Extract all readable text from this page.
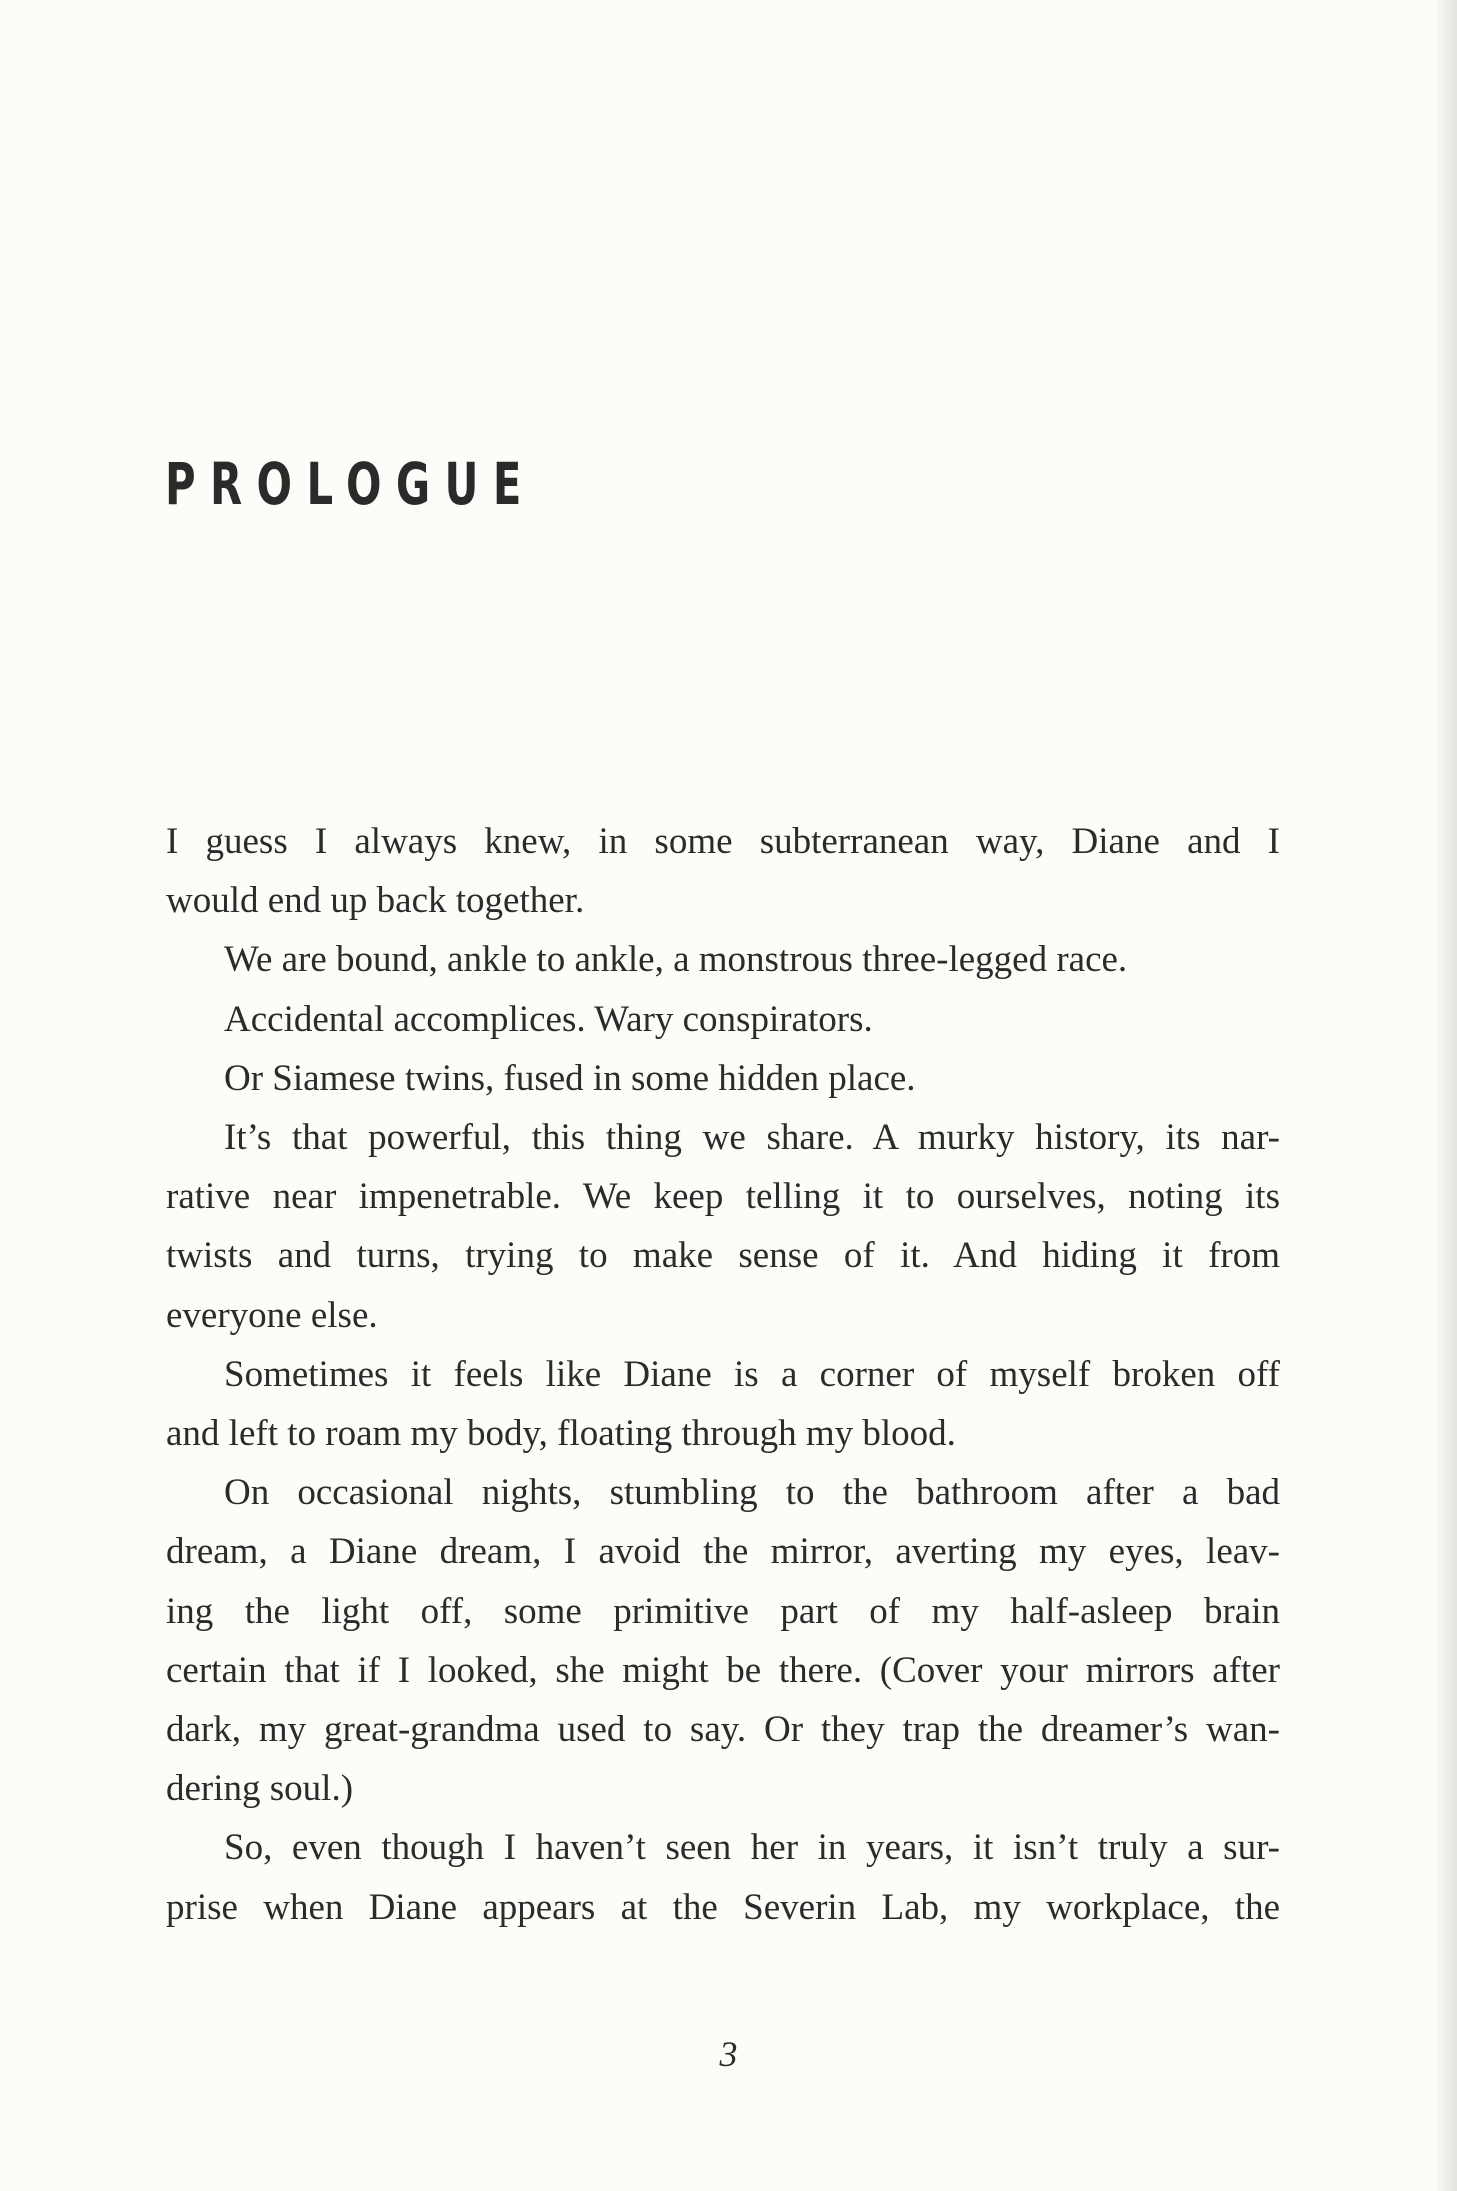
PROLOGUE

I guess I always knew, in some subterranean way, Diane and I
would end up back together.

We are bound, ankle to ankle, a monstrous three-legged race.

Accidental accomplices. Wary conspirators.

Or Siamese twins, fused in some hidden place.

It’s that powerful, this thing we share. A murky history, its nar-
rative near impenetrable. We keep telling it to ourselves, noting its
twists and turns, trying to make sense of it. And hiding it from
everyone else.

Sometimes it feels like Diane is a corner of myself broken off
and left to roam my body, floating through my blood.

On occasional nights, stumbling to the bathroom after a bad
dream, a Diane dream, I avoid the mirror, averting my eyes, leav-
ing the light off, some primitive part of my half-asleep brain
certain that if I looked, she might be there. (Cover your mirrors after
dark, my great-grandma used to say. Or they trap the dreamer’s wan-
dering soul.)

So, even though I haven’t seen her in years, it isn’t truly a sur-
prise when Diane appears at the Severin Lab, my workplace, the

3
